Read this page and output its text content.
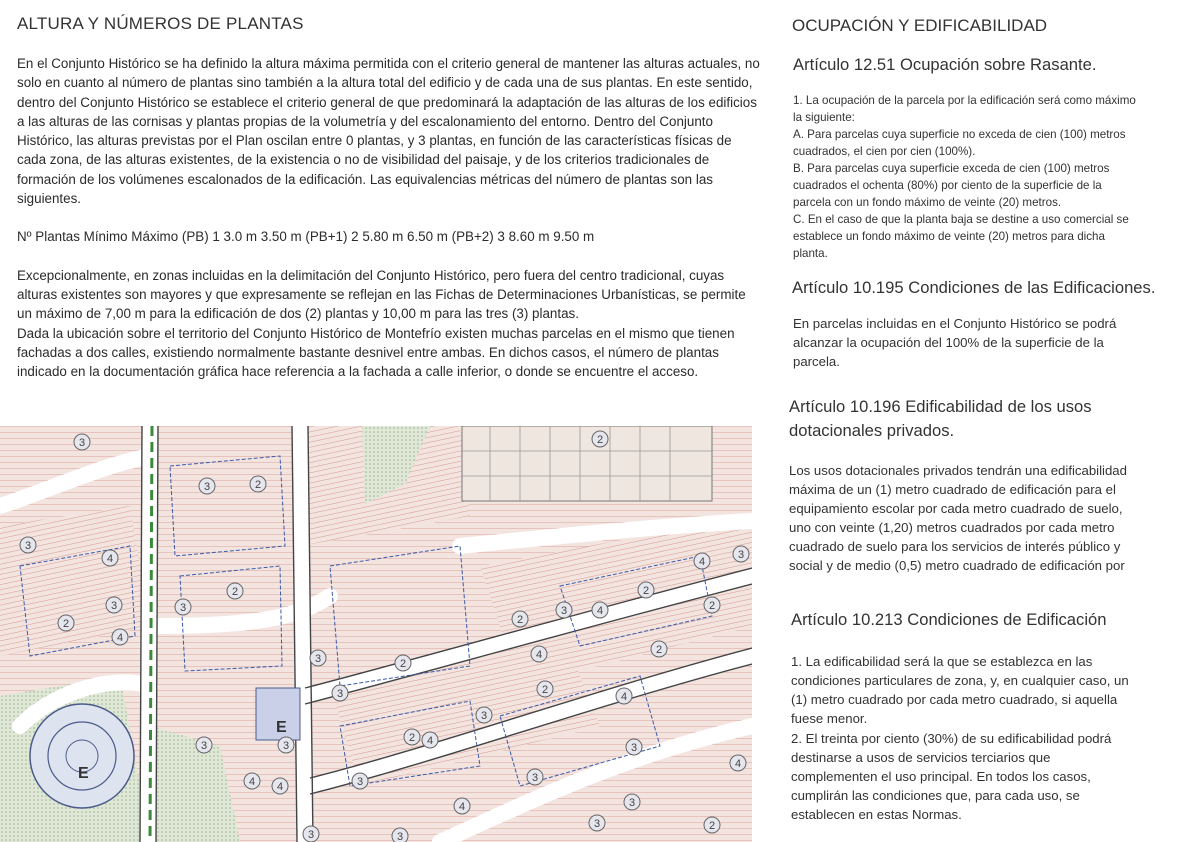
ALTURA Y NÚMEROS DE PLANTAS

En el Conjunto Histórico se ha definido la altura máxima permitida con el criterio general de mantener las alturas actuales, no solo en cuanto al número de plantas sino también a la altura total del edificio y de cada una de sus plantas. En este sentido, dentro del Conjunto Histórico se establece el criterio general de que predominará la adaptación de las alturas de los edificios a las alturas de las cornisas y plantas propias de la volumetría y del escalonamiento del entorno. Dentro del Conjunto Histórico, las alturas previstas por el Plan oscilan entre 0 plantas, y 3 plantas, en función de las características físicas de cada zona, de las alturas existentes, de la existencia o no de visibilidad del paisaje, y de los criterios tradicionales de formación de los volúmenes escalonados de la edificación. Las equivalencias métricas del número de plantas son las siguientes.

Nº Plantas Mínimo Máximo (PB) 1 3.0 m 3.50 m (PB+1) 2 5.80 m 6.50 m (PB+2) 3 8.60 m 9.50 m

Excepcionalmente, en zonas incluidas en la delimitación del Conjunto Histórico, pero fuera del centro tradicional, cuyas alturas existentes son mayores y que expresamente se reflejan en las Fichas de Determinaciones Urbanísticas, se permite un máximo de 7,00 m para la edificación de dos (2) plantas y 10,00 m para las tres (3) plantas.

Dada la ubicación sobre el territorio del Conjunto Histórico de Montefrío existen muchas parcelas en el mismo que tienen fachadas a dos calles, existiendo normalmente bastante desnivel entre ambas. En dichos casos, el número de plantas indicado en la documentación gráfica hace referencia a la fachada a calle inferior, o donde se encuentre el acceso.

E
E
3	2
3	2
3
4
2
3
2
4
3
2
2
3
4
2
3	4
3
2
4	2
3	2
3
4
3
2 4
3	3
4	3	3
4
4	3
3	2
4
3	3
OCUPACIÓN Y EDIFICABILIDAD
Artículo 12.51 Ocupación sobre Rasante.
1. La ocupación de la parcela por la edificación será como máximo
la siguiente:
A. Para parcelas cuya superficie no exceda de cien (100) metros
cuadrados, el cien por cien (100%).
B. Para parcelas cuya superficie exceda de cien (100) metros
cuadrados el ochenta (80%) por ciento de la superficie de la
parcela con un fondo máximo de veinte (20) metros.
C. En el caso de que la planta baja se destine a uso comercial se
establece un fondo máximo de veinte (20) metros para dicha
planta.
Artículo 10.195 Condiciones de las Edificaciones.
En parcelas incluidas en el Conjunto Histórico se podrá
alcanzar la ocupación del 100% de la superficie de la
parcela.
Artículo 10.196 Edificabilidad de los usos
dotacionales privados.
Los usos dotacionales privados tendrán una edificabilidad
máxima de un (1) metro cuadrado de edificación para el
equipamiento escolar por cada metro cuadrado de suelo,
uno con veinte (1,20) metros cuadrados por cada metro
cuadrado de suelo para los servicios de interés público y
social y de medio (0,5) metro cuadrado de edificación por
Artículo 10.213 Condiciones de Edificación
1. La edificabilidad será la que se establezca en las
condiciones particulares de zona, y, en cualquier caso, un
(1) metro cuadrado por cada metro cuadrado, si aquella
fuese menor.
2. El treinta por ciento (30%) de su edificabilidad podrá
destinarse a usos de servicios terciarios que
complementen el uso principal. En todos los casos,
cumplirán las condiciones que, para cada uso, se
establecen en estas Normas.
